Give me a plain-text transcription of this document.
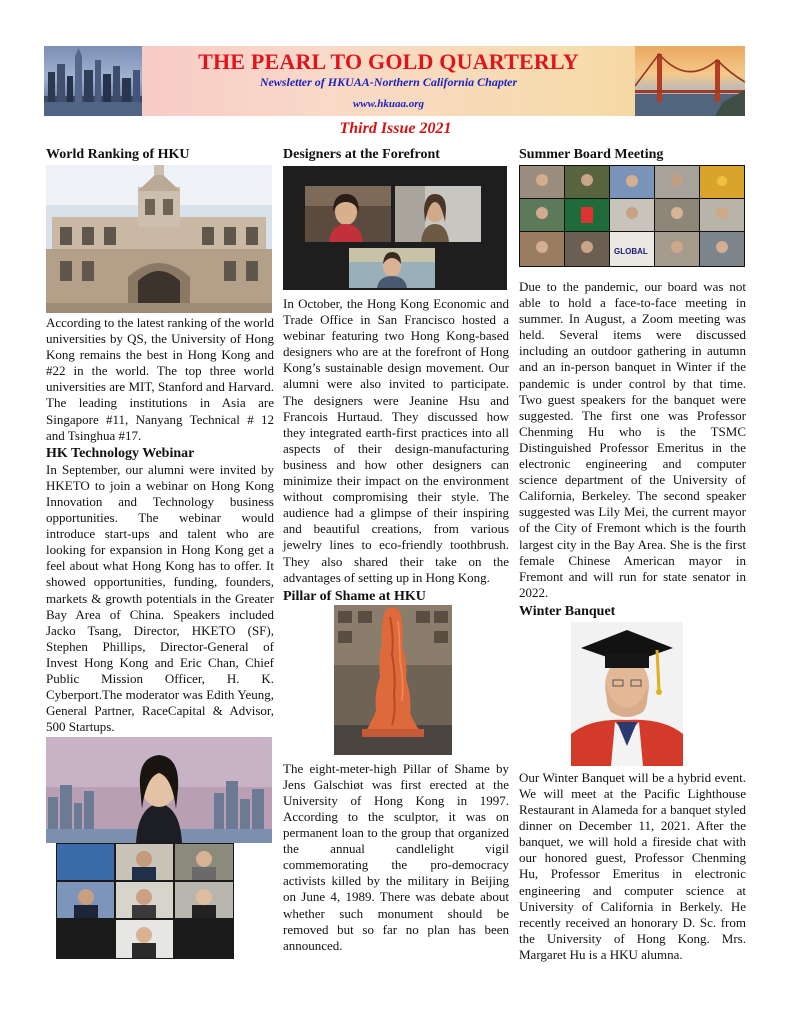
THE PEARL TO GOLD QUARTERLY
Newsletter of HKUAA-Northern California Chapter
www.hkuaa.org
Third Issue 2021
World Ranking of HKU

According to the latest ranking of the world universities by QS, the University of Hong Kong remains the best in Hong Kong and #22 in the world. The top three world universities are MIT, Stanford and Harvard. The leading institutions in Asia are Singapore #11, Nanyang Technical # 12 and Tsinghua #17.

HK Technology Webinar

In September, our alumni were invited by HKETO to join a webinar on Hong Kong Innovation and Technology business opportunities. The webinar would introduce start-ups and talent who are looking for expansion in Hong Kong get a feel about what Hong Kong has to offer. It showed opportunities, funding, founders, markets & growth potentials in the Greater Bay Area of China. Speakers included Jacko Tsang, Director, HKETO (SF), Stephen Phillips, Director-General of Invest Hong Kong and Eric Chan, Chief Public Mission Officer, H. K. Cyberport.The moderator was Edith Yeung, General Partner, RaceCapital & Advisor, 500 Startups.

Designers at the Forefront

In October, the Hong Kong Economic and Trade Office in San Francisco hosted a webinar featuring two Hong Kong-based designers who are at the forefront of Hong Kong’s sustainable design movement. Our alumni were also invited to participate. The designers were Jeanine Hsu and Francois Hurtaud. They discussed how they integrated earth-first practices into all aspects of their design-manufacturing business and how other designers can minimize their impact on the environment without compromising their style. The audience had a glimpse of their inspiring and beautiful creations, from various jewelry lines to eco-friendly toothbrush. They also shared their take on the advantages of setting up in Hong Kong.

Pillar of Shame at HKU

The eight-meter-high Pillar of Shame by Jens Galschiøt was first erected at the University of Hong Kong in 1997. According to the sculptor, it was on permanent loan to the group that organized the annual candlelight vigil commemorating the pro-democracy activists killed by the military in Beijing on June 4, 1989. There was debate about whether such monument should be removed but so far no plan has been announced.

Summer Board Meeting
GLOBAL

Due to the pandemic, our board was not able to hold a face-to-face meeting in summer. In August, a Zoom meeting was held. Several items were discussed including an outdoor gathering in autumn and an in-person banquet in Winter if the pandemic is under control by that time. Two guest speakers for the banquet were suggested. The first one was Professor Chenming Hu who is the TSMC Distinguished Professor Emeritus in the electronic engineering and computer science department of the University of California, Berkeley. The second speaker suggested was Lily Mei, the current mayor of the City of Fremont which is the fourth largest city in the Bay Area. She is the first female Chinese American mayor in Fremont and will run for state senator in 2022.

Winter Banquet

Our Winter Banquet will be a hybrid event. We will meet at the Pacific Lighthouse Restaurant in Alameda for a banquet styled dinner on December 11, 2021. After the banquet, we will hold a fireside chat with our honored guest, Professor Chenming Hu, Professor Emeritus in electronic engineering and computer science at University of California in Berkely. He recently received an honorary D. Sc. from the University of Hong Kong. Mrs. Margaret Hu is a HKU alumna.
